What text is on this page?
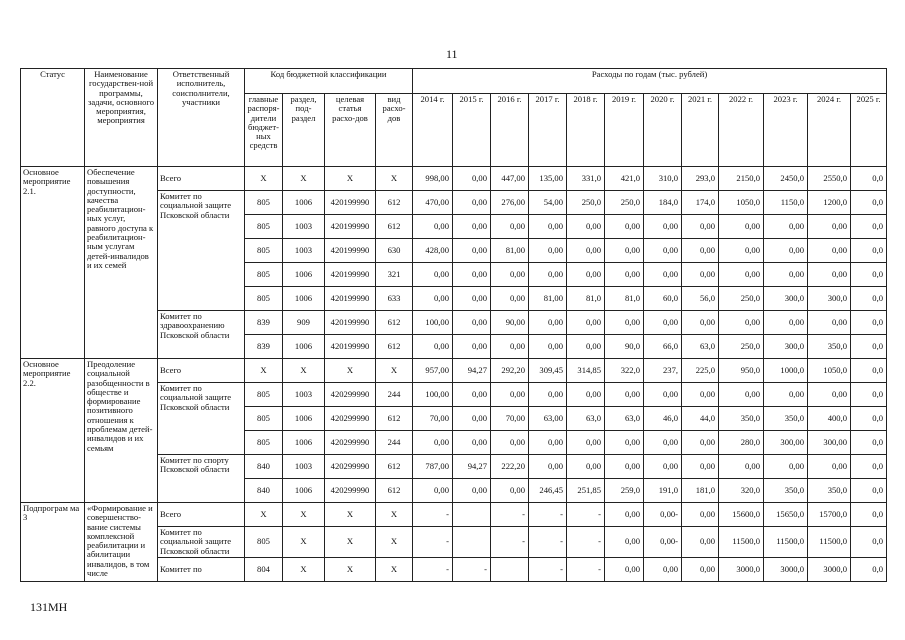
11
Статус	Наименование государствен-ной программы, задачи, основного мероприятия, мероприятия	Ответственный исполнитель, соисполнители, участники	Код бюджетной классификации				Расходы по годам (тыс. рублей)											
			главные распоря-дители бюджет-ных средств	раздел, под-раздел	целевая статья расхо-дов	вид расхо-дов	2014 г.	2015 г.	2016 г.	2017 г.	2018 г.	2019 г.	2020 г.	2021 г.	2022 г.	2023 г.	2024 г.	2025 г.
Основное мероприятие 2.1.	Обеспечение повышения доступности, качества реабилитацион-ных услуг, равного доступа к реабилитацион-ным услугам детей-инвалидов и их семей	Всего	Х	Х	Х	Х	998,00	0,00	447,00	135,00	331,0	421,0	310,0	293,0	2150,0	2450,0	2550,0	0,0
		Комитет по социальной защите Псковской области	805	1006	420199990	612	470,00	0,00	276,00	54,00	250,0	250,0	184,0	174,0	1050,0	1150,0	1200,0	0,0
			805	1003	420199990	612	0,00	0,00	0,00	0,00	0,00	0,00	0,00	0,00	0,00	0,00	0,00	0,0
			805	1003	420199990	630	428,00	0,00	81,00	0,00	0,00	0,00	0,00	0,00	0,00	0,00	0,00	0,0
			805	1006	420199990	321	0,00	0,00	0,00	0,00	0,00	0,00	0,00	0,00	0,00	0,00	0,00	0,0
			805	1006	420199990	633	0,00	0,00	0,00	81,00	81,0	81,0	60,0	56,0	250,0	300,0	300,0	0,0
		Комитет по здравоохранению Псковской области	839	909	420199990	612	100,00	0,00	90,00	0,00	0,00	0,00	0,00	0,00	0,00	0,00	0,00	0,0
			839	1006	420199990	612	0,00	0,00	0,00	0,00	0,00	90,0	66,0	63,0	250,0	300,0	350,0	0,0
Основное мероприятие 2.2.	Преодоление социальной разобщенности в обществе и формирование позитивного отношения к проблемам детей-инвалидов и их семьям	Всего	Х	Х	Х	Х	957,00	94,27	292,20	309,45	314,85	322,0	237,	225,0	950,0	1000,0	1050,0	0,0
		Комитет по социальной защите Псковской области	805	1003	420299990	244	100,00	0,00	0,00	0,00	0,00	0,00	0,00	0,00	0,00	0,00	0,00	0,0
			805	1006	420299990	612	70,00	0,00	70,00	63,00	63,0	63,0	46,0	44,0	350,0	350,0	400,0	0,0
			805	1006	420299990	244	0,00	0,00	0,00	0,00	0,00	0,00	0,00	0,00	280,0	300,00	300,00	0,0
		Комитет по спорту Псковской области	840	1003	420299990	612	787,00	94,27	222,20	0,00	0,00	0,00	0,00	0,00	0,00	0,00	0,00	0,0
			840	1006	420299990	612	0,00	0,00	0,00	246,45	251,85	259,0	191,0	181,0	320,0	350,0	350,0	0,0
Подпрограм ма 3	«Формирование и совершенство-вание системы комплексной реабилитации и абилитации инвалидов, в том числе	Всего	Х	Х	Х	Х	-		-	-	-	0,00	0,00-	0,00	15600,0	15650,0	15700,0	0,0
		Комитет по социальной защите Псковской области	805	Х	Х	Х	-		-	-	-	0,00	0,00-	0,00	11500,0	11500,0	11500,0	0,0
		Комитет по	804	Х	Х	Х	-	-		-	-	0,00	0,00	0,00	3000,0	3000,0	3000,0	0,0
131МН
